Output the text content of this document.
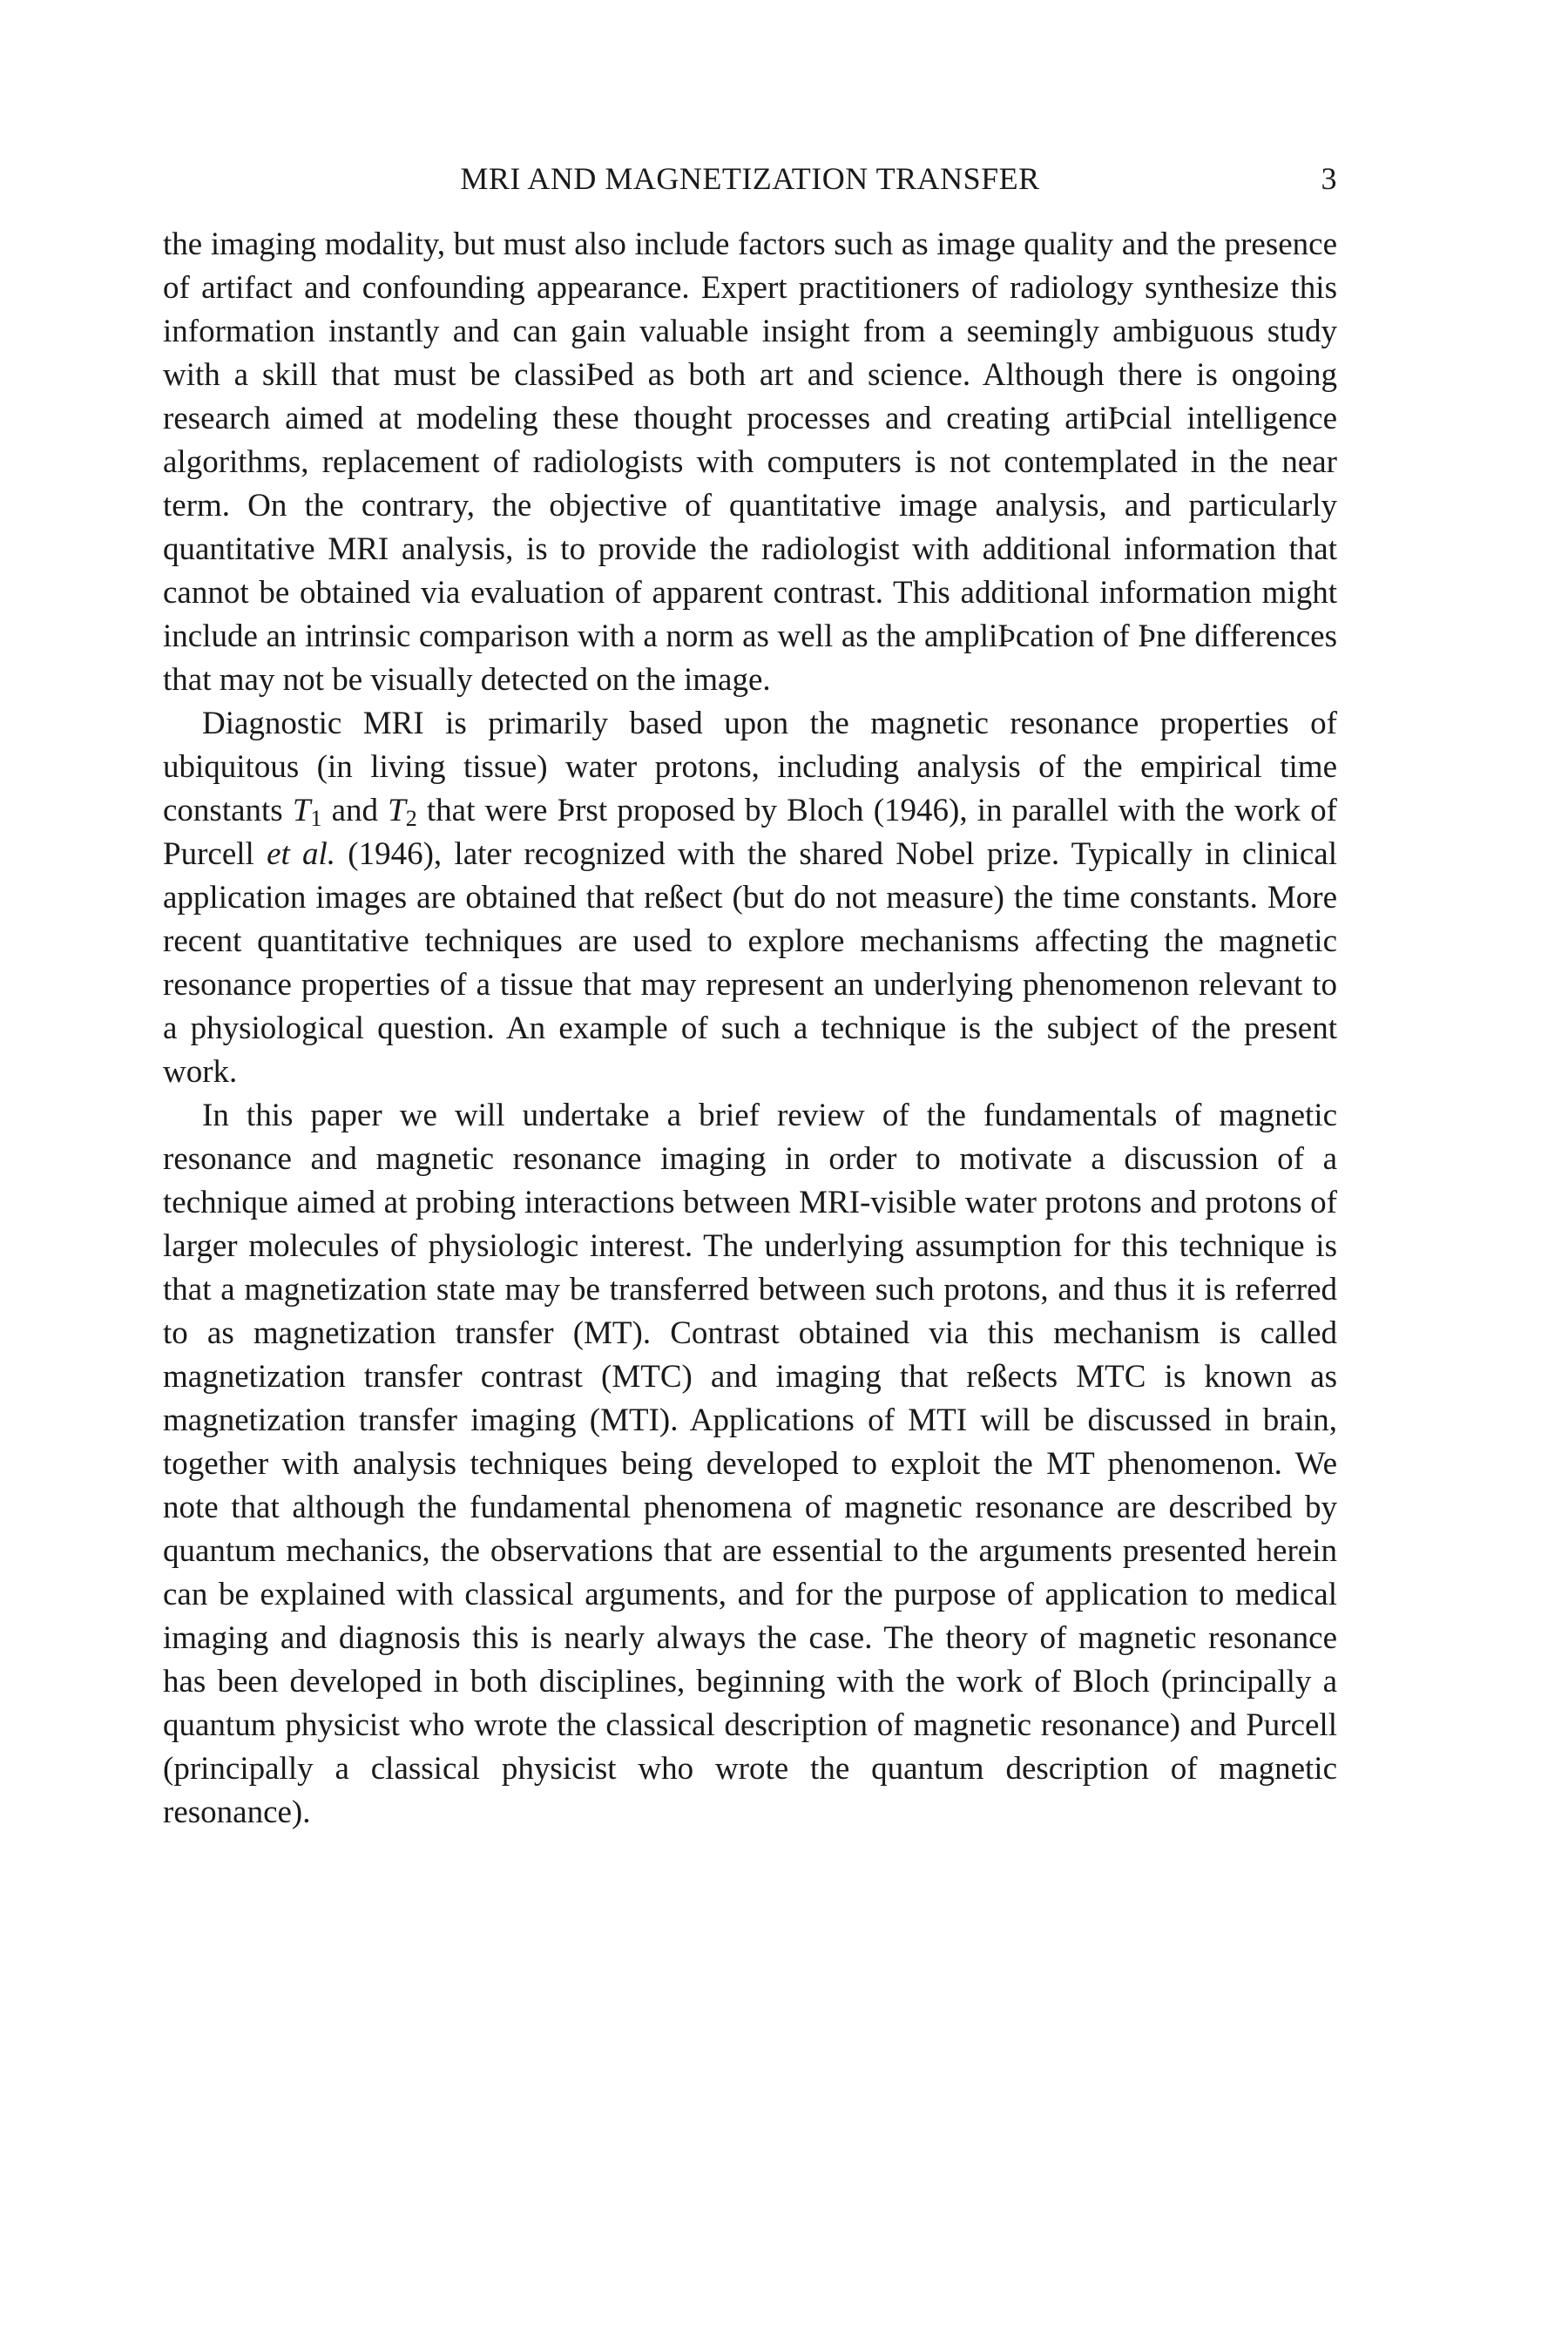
MRI AND MAGNETIZATION TRANSFER	3

the imaging modality, but must also include factors such as image quality and the presence of artifact and confounding appearance. Expert practitioners of radiology synthesize this information instantly and can gain valuable insight from a seemingly ambiguous study with a skill that must be classiÞed as both art and science. Although there is ongoing research aimed at modeling these thought processes and creating artiÞcial intelligence algorithms, replacement of radiologists with computers is not contemplated in the near term. On the contrary, the objective of quantitative image analysis, and particularly quantitative MRI analysis, is to provide the radiologist with additional information that cannot be obtained via evaluation of apparent contrast. This additional information might include an intrinsic comparison with a norm as well as the ampliÞcation of Þne differences that may not be visually detected on the image.

Diagnostic MRI is primarily based upon the magnetic resonance properties of ubiquitous (in living tissue) water protons, including analysis of the empirical time constants $T_1$ and $T_2$ that were Þrst proposed by Bloch (1946), in parallel with the work of Purcell et al. (1946), later recognized with the shared Nobel prize. Typically in clinical application images are obtained that reßect (but do not measure) the time constants. More recent quantitative techniques are used to explore mechanisms affecting the magnetic resonance properties of a tissue that may represent an underlying phenomenon relevant to a physiological question. An example of such a technique is the subject of the present work.

In this paper we will undertake a brief review of the fundamentals of magnetic resonance and magnetic resonance imaging in order to motivate a discussion of a technique aimed at probing interactions between MRI-visible water protons and protons of larger molecules of physiologic interest. The underlying assumption for this technique is that a magnetization state may be transferred between such protons, and thus it is referred to as magnetization transfer (MT). Contrast obtained via this mechanism is called magnetization transfer contrast (MTC) and imaging that reßects MTC is known as magnetization transfer imaging (MTI). Applications of MTI will be discussed in brain, together with analysis techniques being developed to exploit the MT phenomenon. We note that although the fundamental phenomena of magnetic resonance are described by quantum mechanics, the observations that are essential to the arguments presented herein can be explained with classical arguments, and for the purpose of application to medical imaging and diagnosis this is nearly always the case. The theory of magnetic resonance has been developed in both disciplines, beginning with the work of Bloch (principally a quantum physicist who wrote the classical description of magnetic resonance) and Purcell (principally a classical physicist who wrote the quantum description of magnetic resonance).
